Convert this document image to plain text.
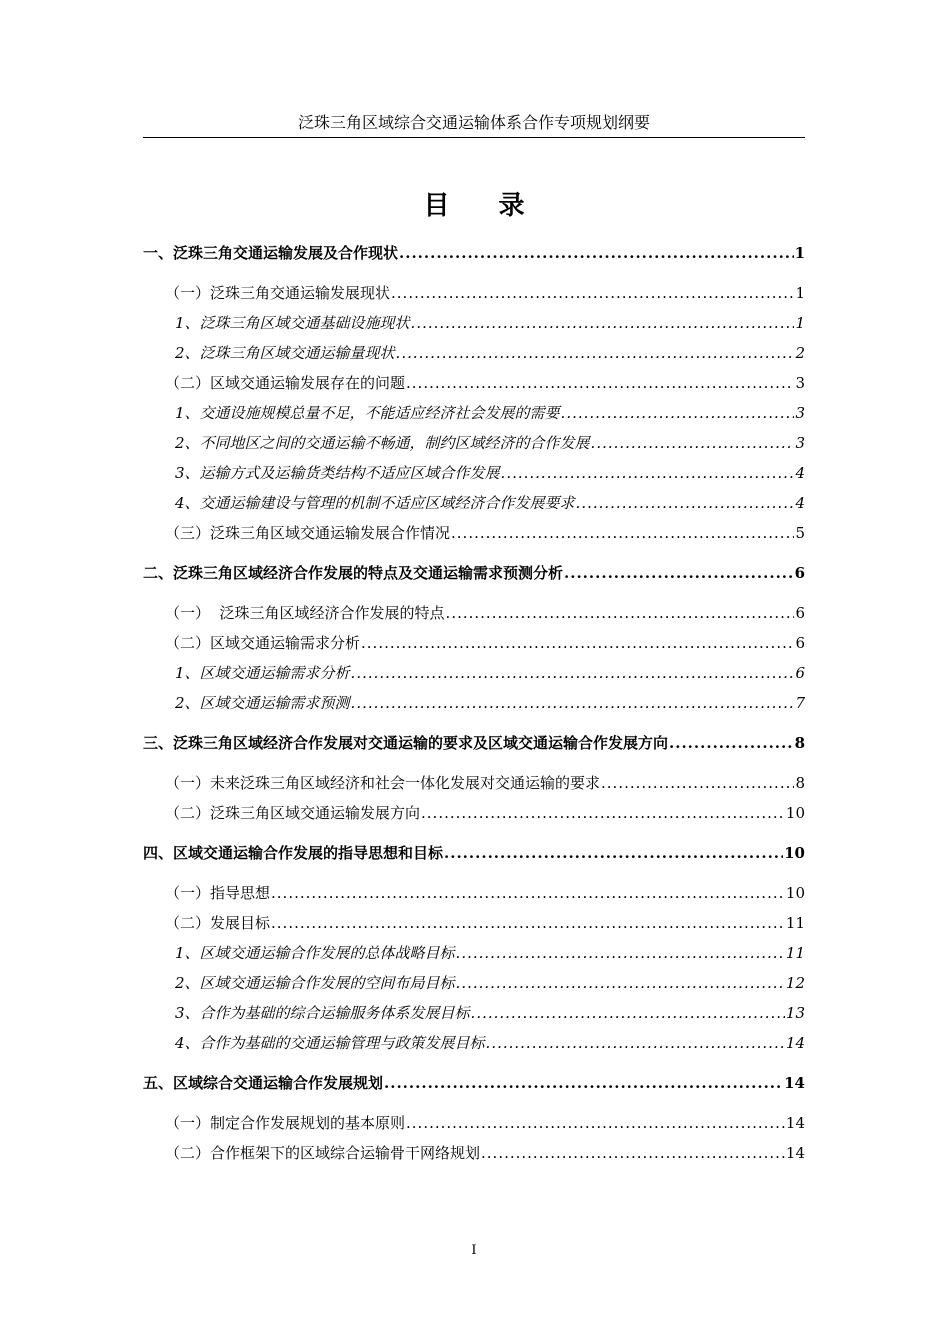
泛珠三角区域综合交通运输体系合作专项规划纲要
目 录
一、泛珠三角交通运输发展及合作现状 .....	1
（一）泛珠三角交通运输发展现状 .....	1
1、泛珠三角区域交通基础设施现状 .....	1
2、泛珠三角区域交通运输量现状 .....	2
（二）区域交通运输发展存在的问题 .....	3
1、交通设施规模总量不足，不能适应经济社会发展的需要 .....	3
2、不同地区之间的交通运输不畅通，制约区域经济的合作发展 .....	3
3、运输方式及运输货类结构不适应区域合作发展 .....	4
4、交通运输建设与管理的机制不适应区域经济合作发展要求 .....	4
（三）泛珠三角区域交通运输发展合作情况 .....	5
二、泛珠三角区域经济合作发展的特点及交通运输需求预测分析 .....	6
（一）  泛珠三角区域经济合作发展的特点 .....	6
（二）区域交通运输需求分析 .....	6
1、区域交通运输需求分析 .....	6
2、区域交通运输需求预测 .....	7
三、泛珠三角区域经济合作发展对交通运输的要求及区域交通运输合作发展方向 .....	8
（一）未来泛珠三角区域经济和社会一体化发展对交通运输的要求 .....	8
（二）泛珠三角区域交通运输发展方向 .....	10
四、区域交通运输合作发展的指导思想和目标 .....	10
（一）指导思想 .....	10
（二）发展目标 .....	11
1、区域交通运输合作发展的总体战略目标 .....	11
2、区域交通运输合作发展的空间布局目标 .....	12
3、合作为基础的综合运输服务体系发展目标 .....	13
4、合作为基础的交通运输管理与政策发展目标 .....	14
五、区域综合交通运输合作发展规划 .....	14
（一）制定合作发展规划的基本原则 .....	14
（二）合作框架下的区域综合运输骨干网络规划 .....	14
I
